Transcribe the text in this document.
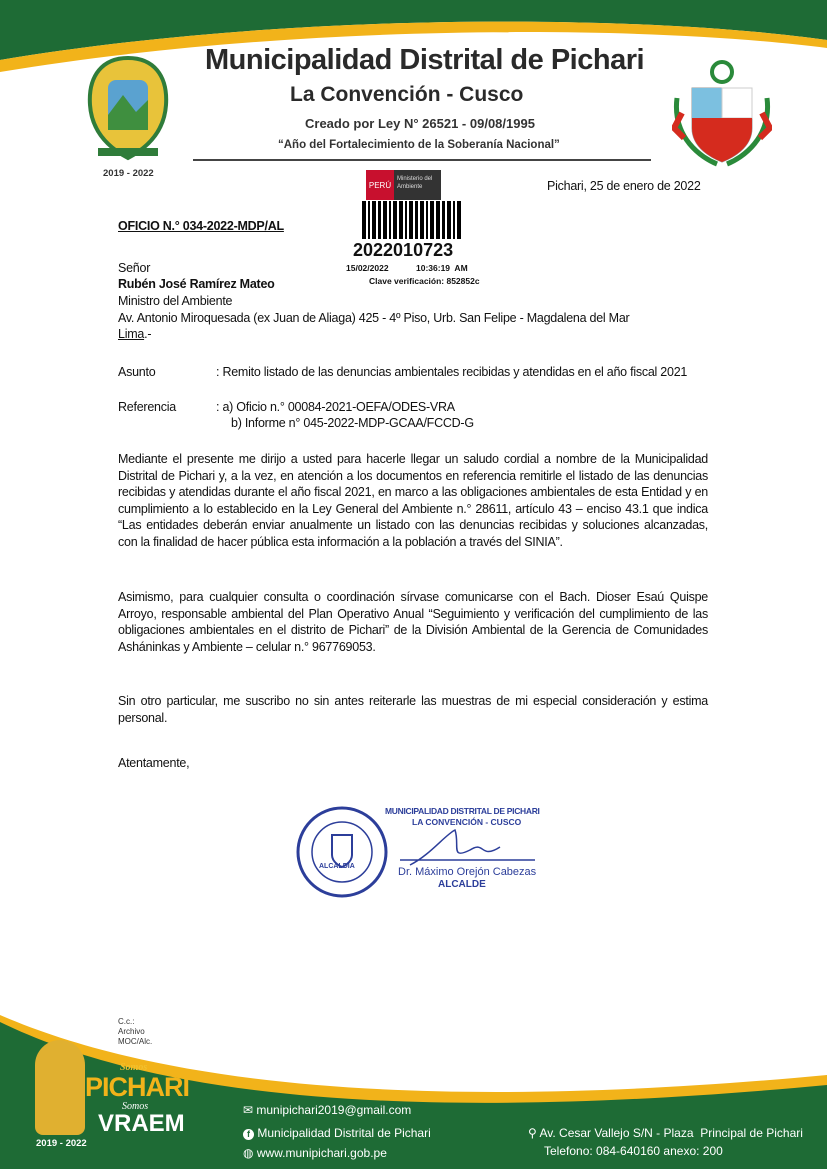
2019 - 2022
Municipalidad Distrital de Pichari
La Convención - Cusco
Creado por Ley N° 26521 - 09/08/1995
“Año del Fortalecimiento de la Soberanía Nacional”
Pichari, 25 de enero de 2022
PERÚ
Ministerio del Ambiente
2022010723
15/02/2022	10:36:19  AM
Clave verificación: 852852c
OFICIO N.° 034-2022-MDP/AL
Señor
Rubén José Ramírez Mateo
Ministro del Ambiente
Av. Antonio Miroquesada (ex Juan de Aliaga) 425 - 4º Piso, Urb. San Felipe - Magdalena del Mar
Lima.-
Asunto	: Remito listado de las denuncias ambientales recibidas y atendidas en el año fiscal 2021
Referencia	: a) Oficio n.° 00084-2021-OEFA/ODES-VRA
b) Informe n° 045-2022-MDP-GCAA/FCCD-G
Mediante el presente me dirijo a usted para hacerle llegar un saludo cordial a nombre de la Municipalidad Distrital de Pichari y, a la vez, en atención a los documentos en referencia remitirle el listado de las denuncias recibidas y atendidas durante el año fiscal 2021, en marco a las obligaciones ambientales de esta Entidad y en cumplimiento a lo establecido en la Ley General del Ambiente n.° 28611, artículo 43 – enciso 43.1 que indica “Las entidades deberán enviar anualmente un listado con las denuncias recibidas y soluciones alcanzadas, con la finalidad de hacer pública esta información a la población a través del SINIA”.
Asimismo, para cualquier consulta o coordinación sírvase comunicarse con el Bach. Dioser Esaú Quispe Arroyo, responsable ambiental del Plan Operativo Anual “Seguimiento y verificación del cumplimiento de las obligaciones ambientales en el distrito de Pichari” de la División Ambiental de la Gerencia de Comunidades Asháninkas y Ambiente – celular n.° 967769053.
Sin otro particular, me suscribo no sin antes reiterarle las muestras de mi especial consideración y estima personal.
Atentamente,
ALCALDÍA
MUNICIPALIDAD DISTRITAL DE PICHARI
LA CONVENCIÓN - CUSCO
Dr. Máximo Orejón Cabezas
ALCALDE
C.c.:
Archivo
MOC/Alc.
Somos
PICHARI
Somos
VRAEM
2019 - 2022
✉ munipichari2019@gmail.com
f Municipalidad Distrital de Pichari
◍ www.munipichari.gob.pe
⚲ Av. Cesar Vallejo S/N - Plaza  Principal de Pichari
Telefono: 084-640160 anexo: 200
